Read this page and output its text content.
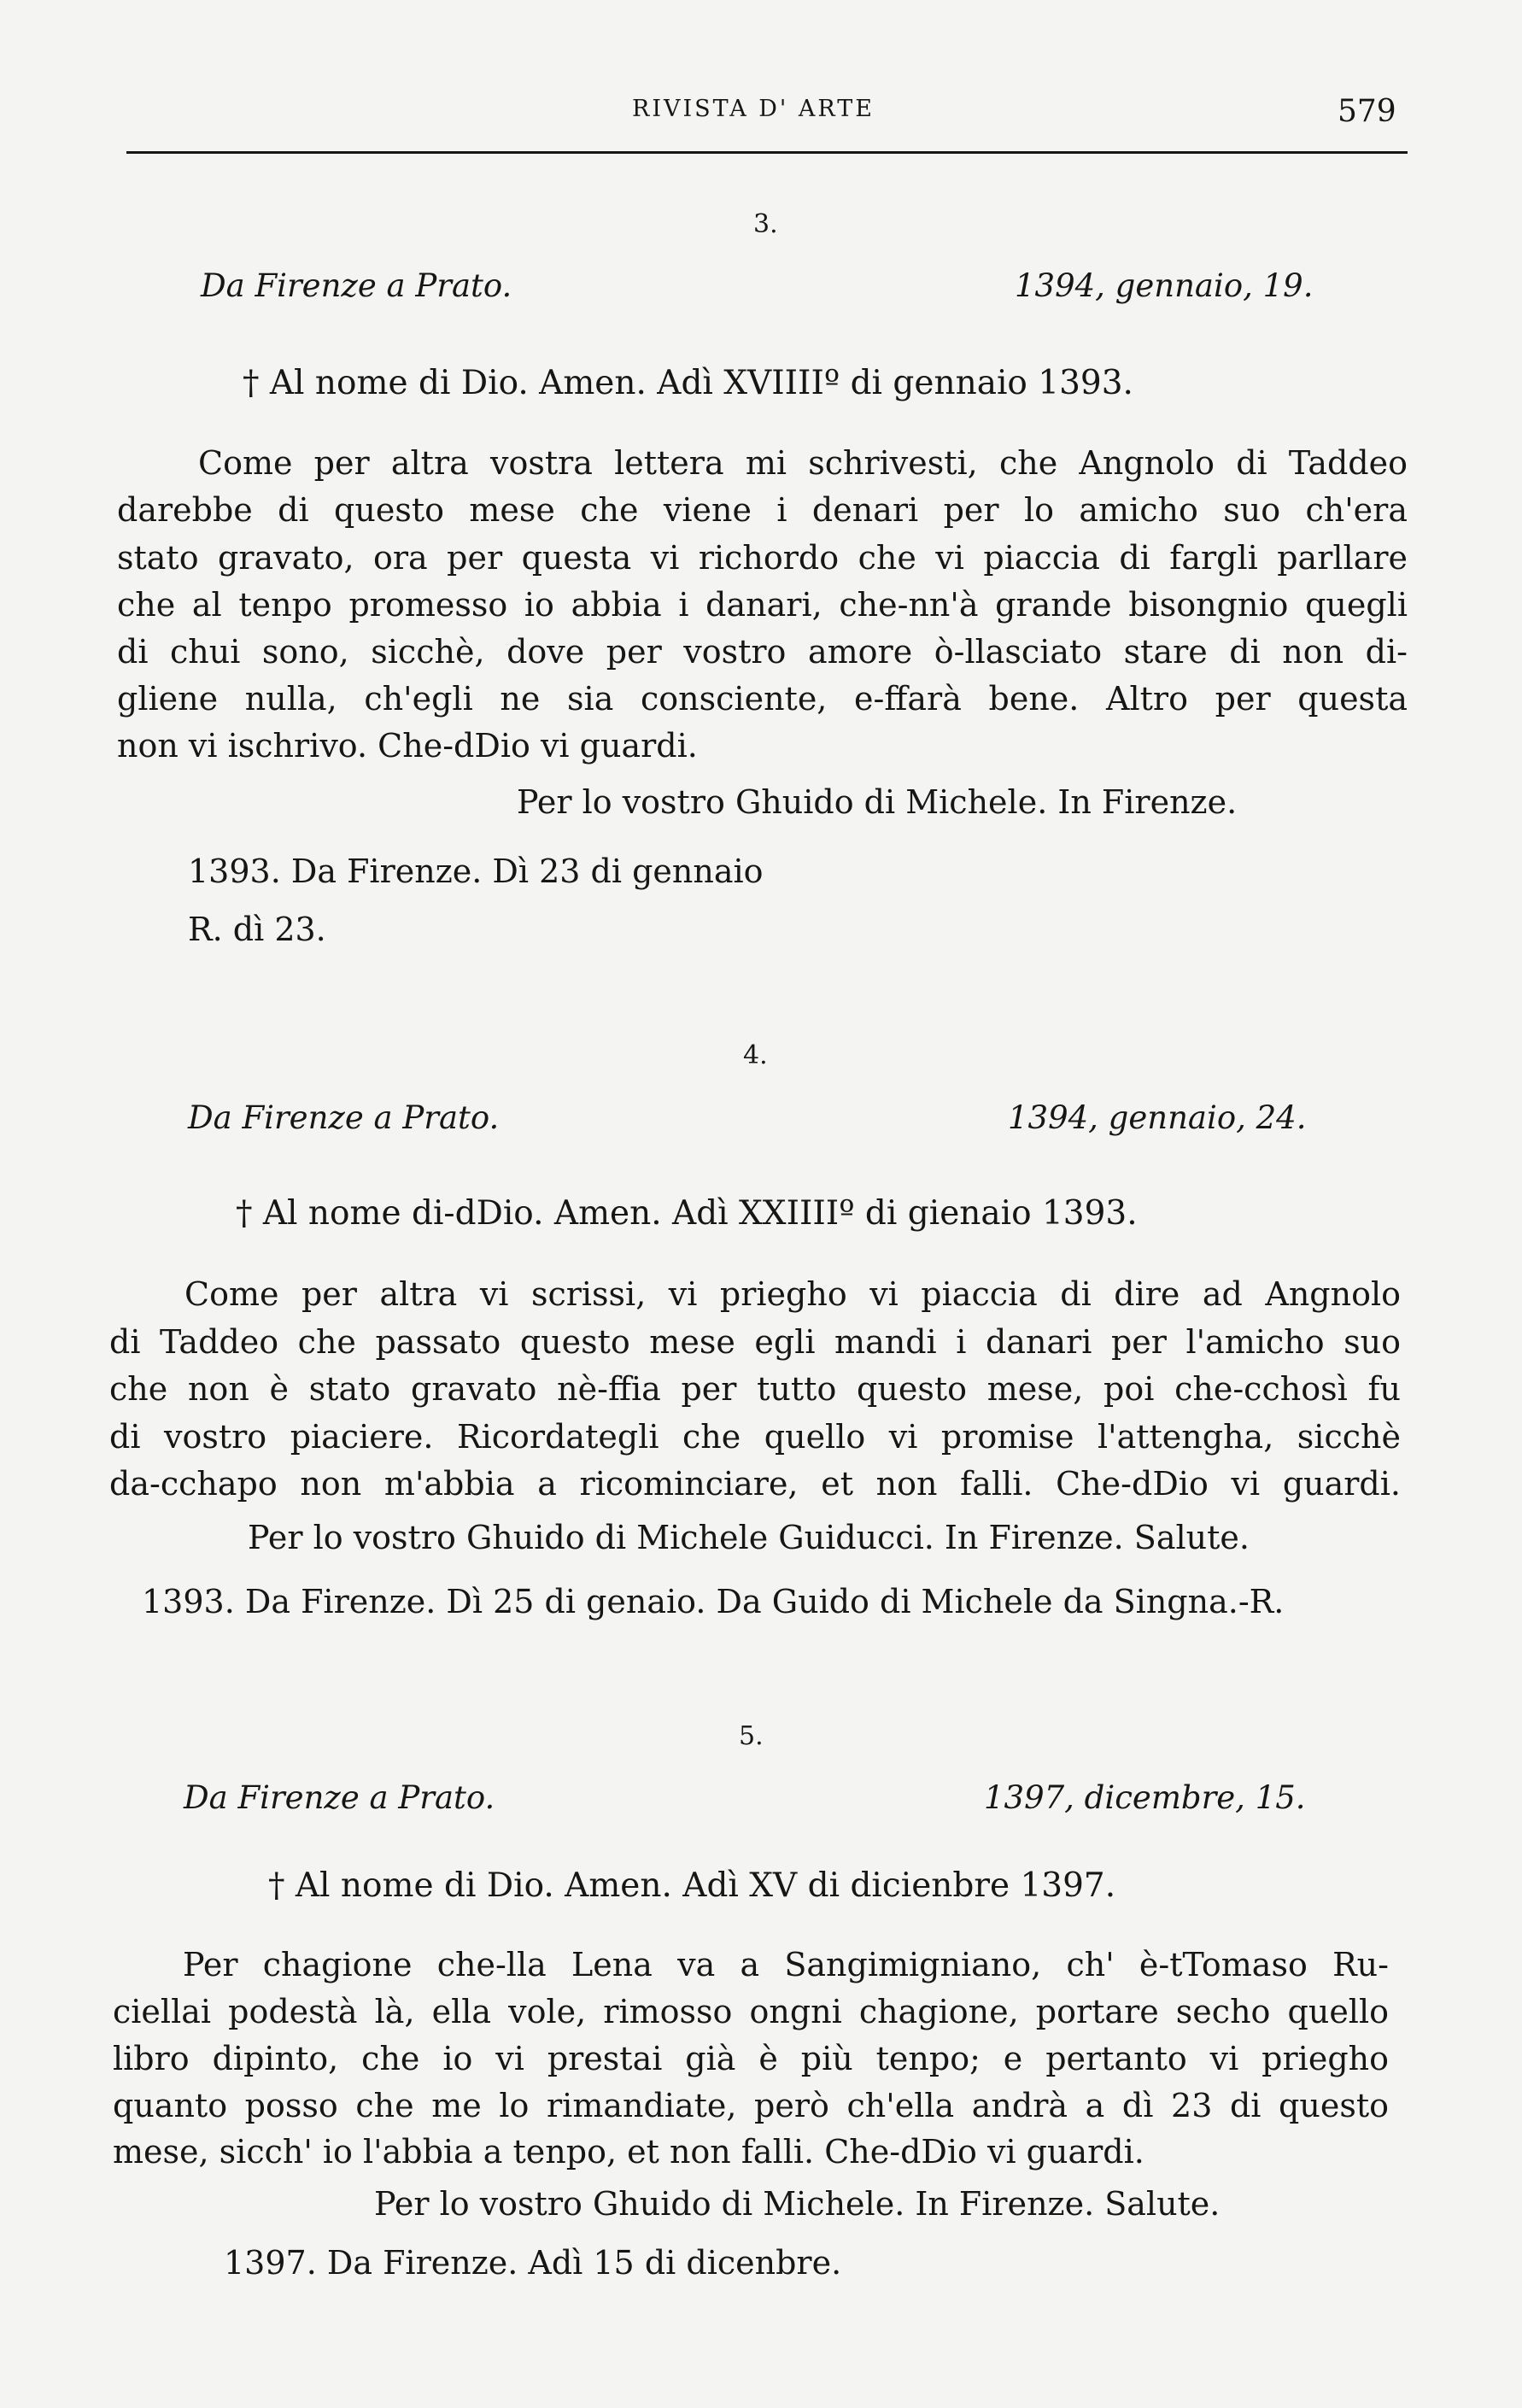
RIVISTA D' ARTE	579
3.
Da Firenze a Prato.	1394, gennaio, 19.
† Al nome di Dio. Amen. Adì XVIIIIº di gennaio 1393.
Come per altra vostra lettera mi schrivesti, che Angnolo di Taddeo
darebbe di questo mese che viene i denari per lo amicho suo ch'era
stato gravato, ora per questa vi richordo che vi piaccia di fargli parllare
che al tenpo promesso io abbia i danari, che-nn'à grande bisongnio quegli
di chui sono, sicchè, dove per vostro amore ò-llasciato stare di non di-
gliene nulla, ch'egli ne sia consciente, e-ffarà bene. Altro per questa
non vi ischrivo. Che-dDio vi guardi.
Per lo vostro Ghuido di Michele. In Firenze.
1393. Da Firenze. Dì 23 di gennaio
R. dì 23.
4.
Da Firenze a Prato.	1394, gennaio, 24.
† Al nome di-dDio. Amen. Adì XXIIIIº di gienaio 1393.
Come per altra vi scrissi, vi priegho vi piaccia di dire ad Angnolo
di Taddeo che passato questo mese egli mandi i danari per l'amicho suo
che non è stato gravato nè-ffia per tutto questo mese, poi che-cchosì fu
di vostro piaciere. Ricordategli che quello vi promise l'attengha, sicchè
da-cchapo non m'abbia a ricominciare, et non falli. Che-dDio vi guardi.
Per lo vostro Ghuido di Michele Guiducci. In Firenze. Salute.
1393. Da Firenze. Dì 25 di genaio. Da Guido di Michele da Singna.-R.
5.
Da Firenze a Prato.	1397, dicembre, 15.
† Al nome di Dio. Amen. Adì XV di dicienbre 1397.
Per chagione che-lla Lena va a Sangimigniano, ch' è-tTomaso Ru-
ciellai podestà là, ella vole, rimosso ongni chagione, portare secho quello
libro dipinto, che io vi prestai già è più tenpo; e pertanto vi priegho
quanto posso che me lo rimandiate, però ch'ella andrà a dì 23 di questo
mese, sicch' io l'abbia a tenpo, et non falli. Che-dDio vi guardi.
Per lo vostro Ghuido di Michele. In Firenze. Salute.
1397. Da Firenze. Adì 15 di dicenbre.
